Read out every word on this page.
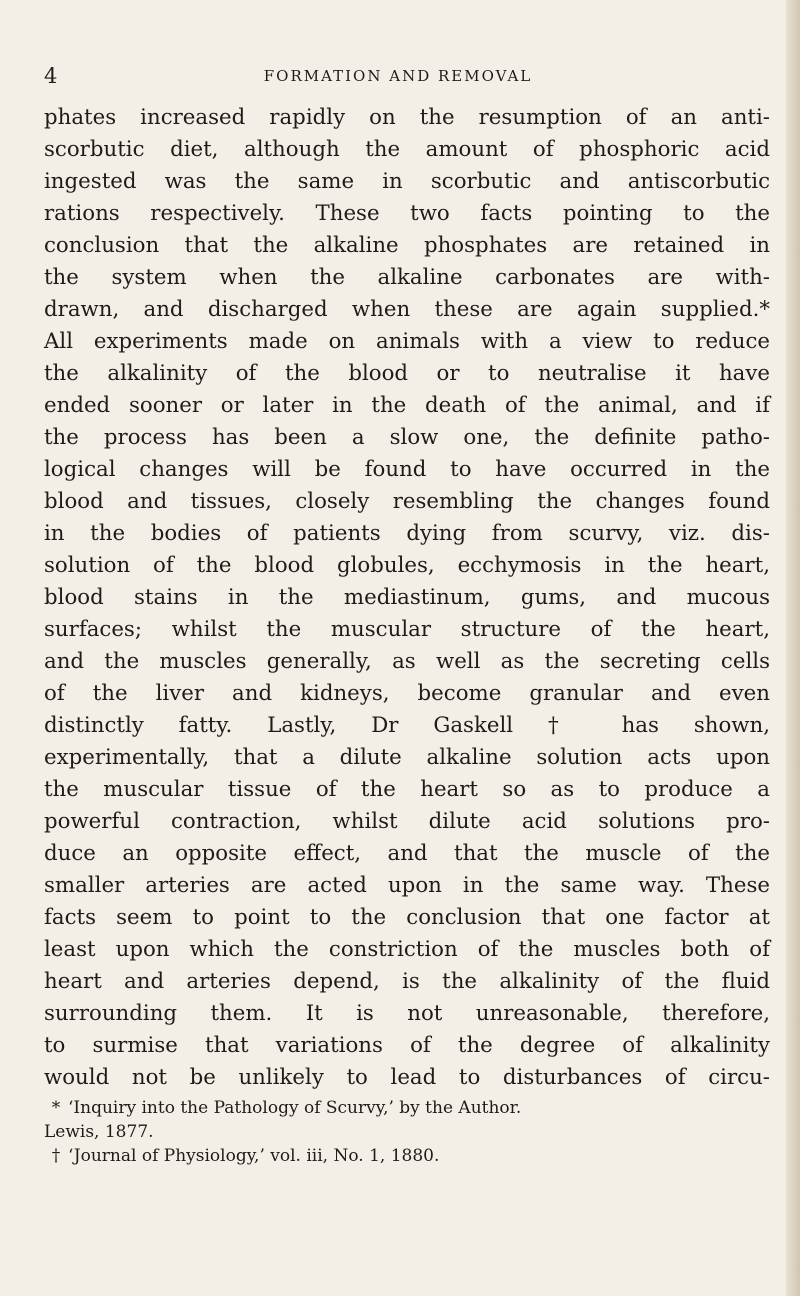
4	FORMATION AND REMOVAL

phates increased rapidly on the resumption of an anti-
scorbutic diet, although the amount of phosphoric acid
ingested was the same in scorbutic and antiscorbutic
rations respectively. These two facts pointing to the
conclusion that the alkaline phosphates are retained in
the system when the alkaline carbonates are with-
drawn, and discharged when these are again supplied.*
All experiments made on animals with a view to reduce
the alkalinity of the blood or to neutralise it have
ended sooner or later in the death of the animal, and if
the process has been a slow one, the definite patho-
logical changes will be found to have occurred in the
blood and tissues, closely resembling the changes found
in the bodies of patients dying from scurvy, viz. dis-
solution of the blood globules, ecchymosis in the heart,
blood stains in the mediastinum, gums, and mucous
surfaces; whilst the muscular structure of the heart,
and the muscles generally, as well as the secreting cells
of the liver and kidneys, become granular and even
distinctly fatty. Lastly, Dr Gaskell † has shown,
experimentally, that a dilute alkaline solution acts upon
the muscular tissue of the heart so as to produce a
powerful contraction, whilst dilute acid solutions pro-
duce an opposite effect, and that the muscle of the
smaller arteries are acted upon in the same way. These
facts seem to point to the conclusion that one factor at
least upon which the constriction of the muscles both of
heart and arteries depend, is the alkalinity of the fluid
surrounding them. It is not unreasonable, therefore,
to surmise that variations of the degree of alkalinity
would not be unlikely to lead to disturbances of circu-

* ‘Inquiry into the Pathology of Scurvy,’ by the Author.
Lewis, 1877.
† ‘Journal of Physiology,’ vol. iii, No. 1, 1880.
